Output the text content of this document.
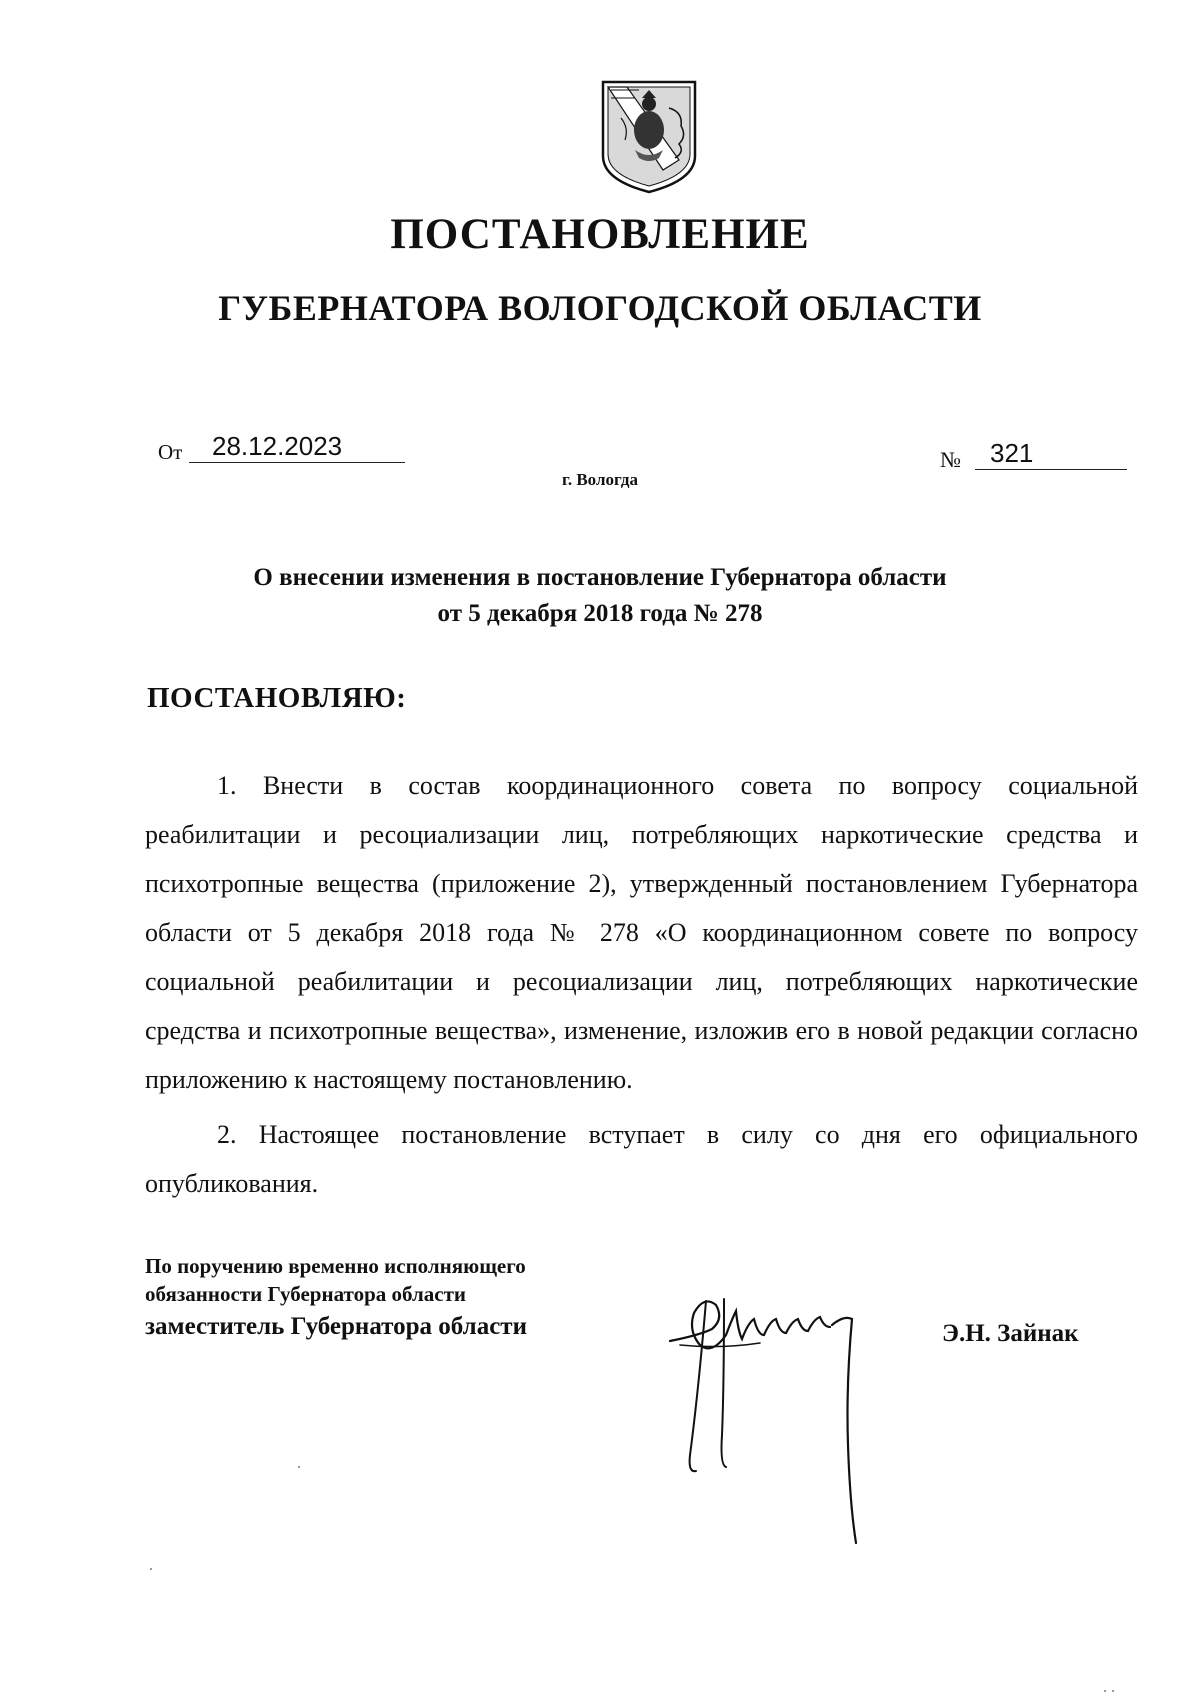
ПОСТАНОВЛЕНИЕ
ГУБЕРНАТОРА ВОЛОГОДСКОЙ ОБЛАСТИ
От 28.12.2023	№ 321
г. Вологда
О внесении изменения в постановление Губернатора области
от 5 декабря 2018 года № 278
ПОСТАНОВЛЯЮ:

1. Внести в состав координационного совета по вопросу социальной реабилитации и ресоциализации лиц, потребляющих наркотические средства и психотропные вещества (приложение 2), утвержденный постановлением Губернатора области от 5 декабря 2018 года № 278 «О координационном совете по вопросу социальной реабилитации и ресоциализации лиц, потребляющих наркотические средства и психотропные вещества», изменение, изложив его в новой редакции согласно приложению к настоящему постановлению.

2. Настоящее постановление вступает в силу со дня его официального опубликования.

По поручению временно исполняющего
обязанности Губернатора области
заместитель Губернатора области	Э.Н. Зайнак
